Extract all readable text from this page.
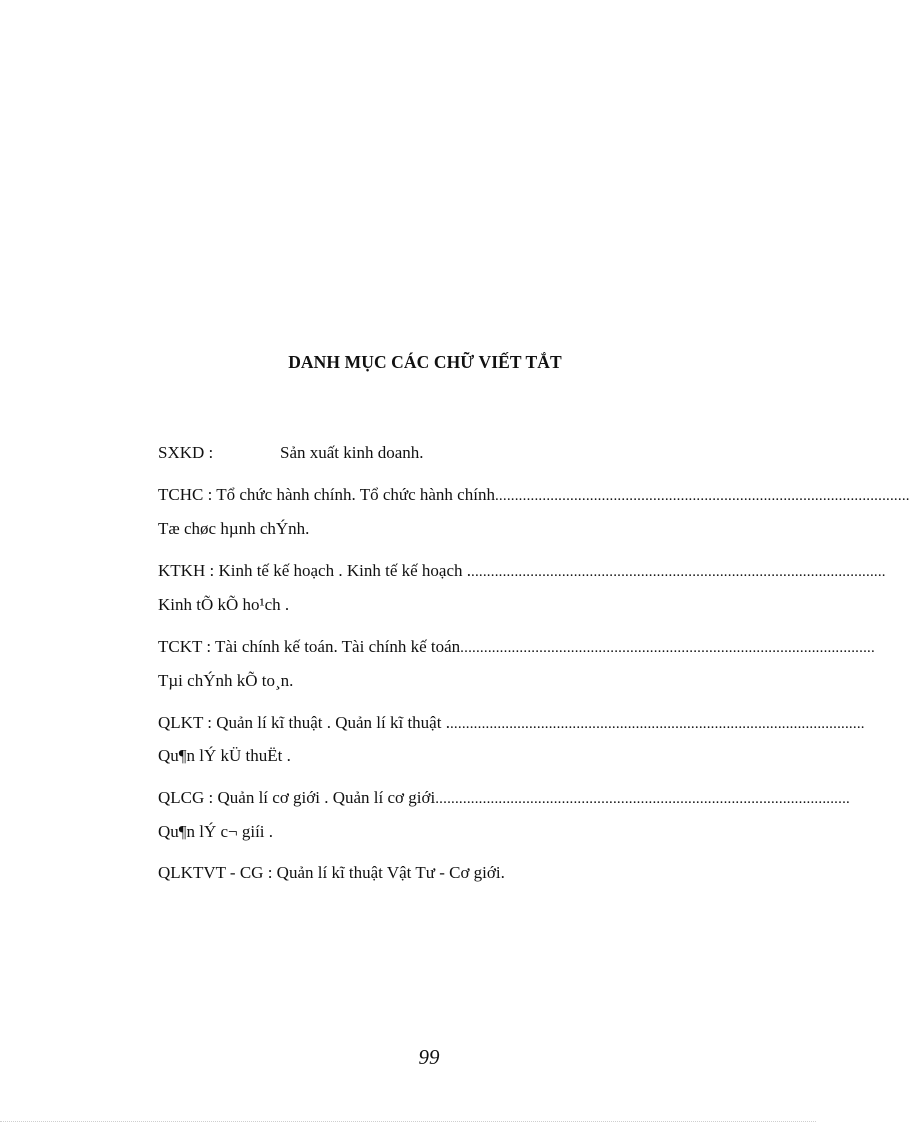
DANH MỤC CÁC CHỮ VIẾT TẮT
SXKD :	Sản xuất kinh doanh.
TCHC : Tổ chức hành chính. Tổ chức hành chính .........................................................................................................
Tæ chøc hµnh chÝnh.
KTKH : Kinh tế kế hoạch . Kinh tế kế hoạch . .........................................................................................................
Kinh tÕ kÕ ho¹ch .
TCKT : Tài chính kế toán. Tài chính kế toán .........................................................................................................
Tµi chÝnh kÕ to¸n.
QLKT : Quản lí kĩ thuật . Quản lí kĩ thuật . .........................................................................................................
Qu¶n lÝ kÜ thuËt .
QLCG : Quản lí cơ giới . Quản lí cơ giới .........................................................................................................
Qu¶n lÝ c¬ giíi .
QLKTVT - CG : Quản lí kĩ thuật Vật Tư - Cơ giới.
99
